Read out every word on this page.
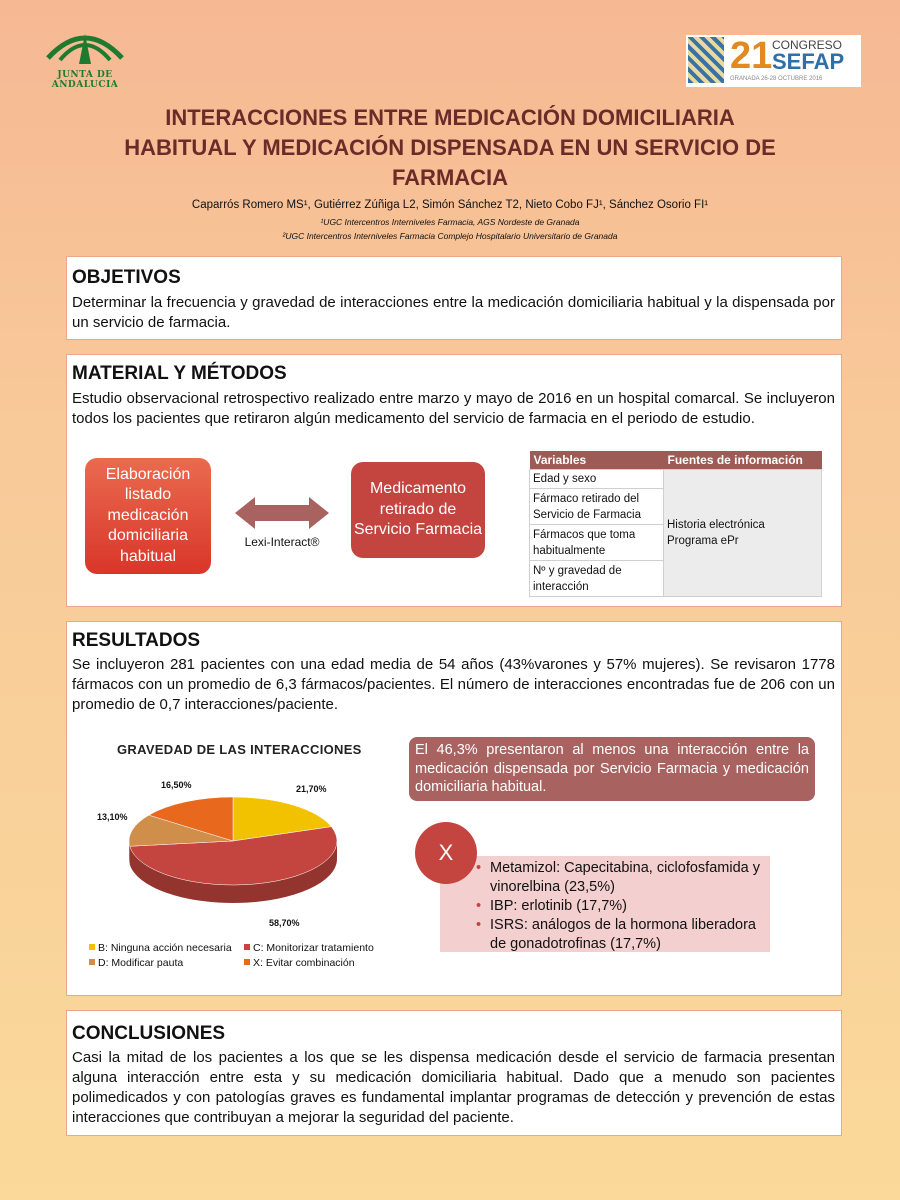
JUNTA DE ANDALUCIA
21 CONGRESO
SEFAP
GRANADA 26-28 OCTUBRE 2016
INTERACCIONES ENTRE MEDICACIÓN DOMICILIARIA
HABITUAL Y MEDICACIÓN DISPENSADA EN UN SERVICIO DE
FARMACIA
Caparrós Romero MS¹, Gutiérrez Zúñiga L2, Simón Sánchez T2, Nieto Cobo FJ¹, Sánchez Osorio FI¹
¹UGC Intercentros Interniveles Farmacia, AGS Nordeste de Granada
²UGC Intercentros Interniveles Farmacia Complejo Hospitalario Universitario de Granada
OBJETIVOS

Determinar la frecuencia y gravedad de interacciones entre la medicación domiciliaria habitual y la dispensada por un servicio de farmacia.

MATERIAL Y MÉTODOS

Estudio observacional retrospectivo realizado entre marzo y mayo de 2016 en un hospital comarcal. Se incluyeron todos los pacientes que retiraron algún medicamento del servicio de farmacia en el periodo de estudio.

Elaboración listado medicación domiciliaria habitual
Lexi-Interact®
Medicamento retirado de Servicio Farmacia
Variables	Fuentes de información
Edad y sexo	Historia electrónica Programa ePr
Fármaco retirado del Servicio de Farmacia	
Fármacos que toma habitualmente	
Nº y gravedad de interacción	
RESULTADOS

Se incluyeron 281 pacientes con una edad media de 54 años (43%varones y 57% mujeres). Se revisaron 1778 fármacos con un promedio de 6,3 fármacos/pacientes. El número de interacciones encontradas fue de 206 con un promedio de 0,7 interacciones/paciente.

GRAVEDAD DE LAS INTERACCIONES
21,70%
58,70%
13,10%
16,50%
B: Ninguna acción necesaria	C: Monitorizar tratamiento
D: Modificar pauta	X: Evitar combinación
El 46,3% presentaron al menos una interacción entre la medicación dispensada por Servicio Farmacia y medicación domiciliaria habitual.
• Metamizol: Capecitabina, ciclofosfamida y vinorelbina (23,5%)
• IBP: erlotinib (17,7%)
• ISRS: análogos de la hormona liberadora de gonadotrofinas (17,7%)
X
CONCLUSIONES

Casi la mitad de los pacientes a los que se les dispensa medicación desde el servicio de farmacia presentan alguna interacción entre esta y su medicación domiciliaria habitual. Dado que a menudo son pacientes polimedicados y con patologías graves es fundamental implantar programas de detección y prevención de estas interacciones que contribuyan a mejorar la seguridad del paciente.
